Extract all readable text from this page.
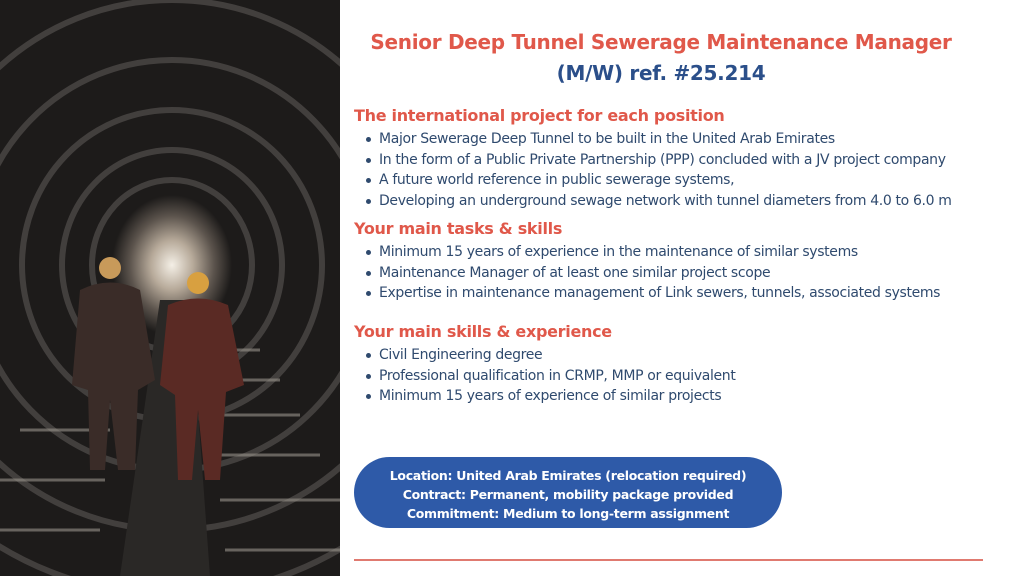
Senior Deep Tunnel Sewerage Maintenance Manager
(M/W) ref. #25.214
The international project for each position
Major Sewerage Deep Tunnel to be built in the United Arab Emirates
In the form of a Public Private Partnership (PPP) concluded with a JV project company
A future world reference in public sewerage systems,
Developing an underground sewage network with tunnel diameters from 4.0 to 6.0 m
Your main tasks & skills
Minimum 15 years of experience in the maintenance of similar systems
Maintenance Manager of at least one similar project scope
Expertise in maintenance management of Link sewers, tunnels, associated systems
Your main skills & experience
Civil Engineering degree
Professional qualification in CRMP, MMP or equivalent
Minimum 15 years of experience of similar projects
Location: United Arab Emirates (relocation required)
Contract: Permanent, mobility package provided
Commitment: Medium to long-term assignment
